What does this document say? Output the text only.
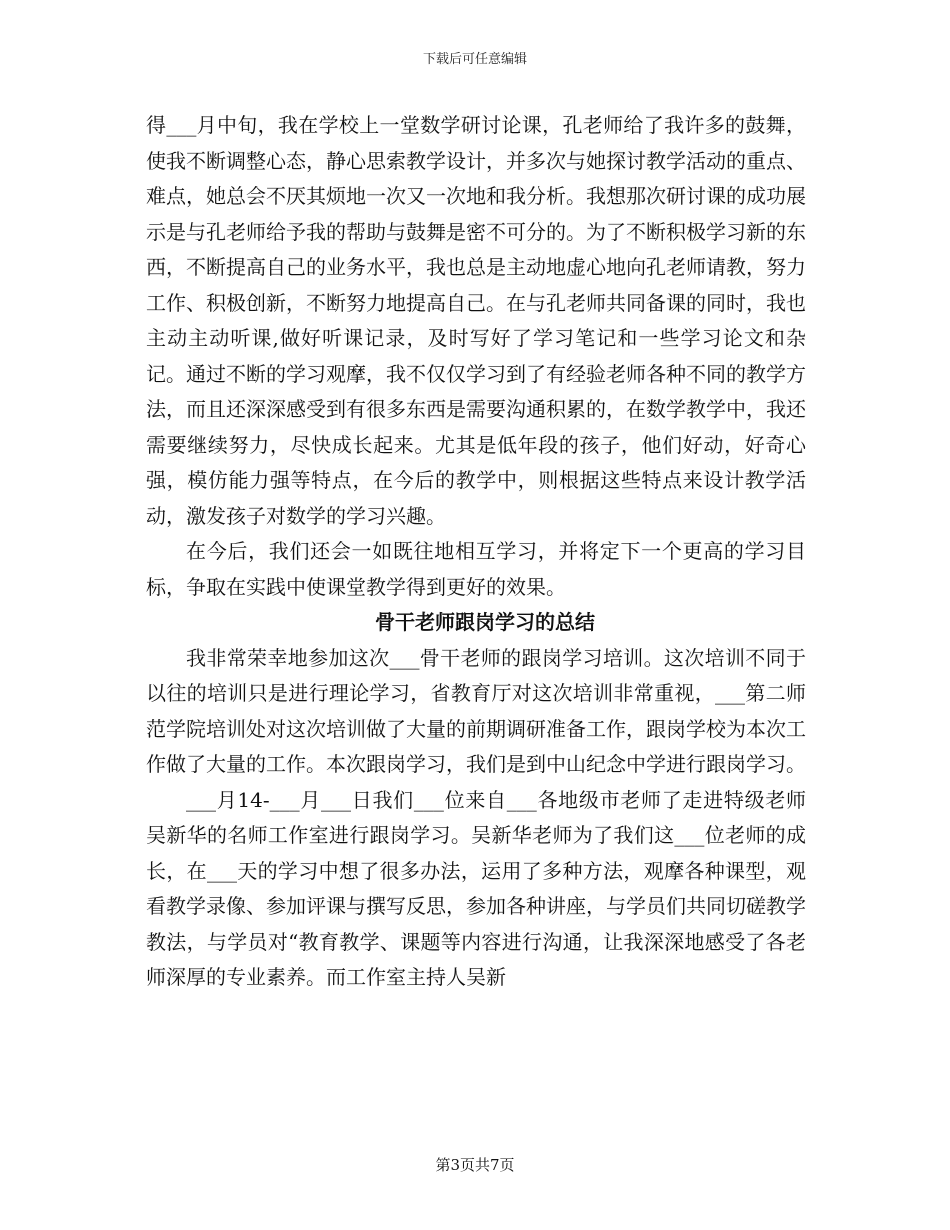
下载后可任意编辑

得___月中旬，我在学校上一堂数学研讨论课，孔老师给了我许多的鼓舞，使我不断调整心态，静心思索教学设计，并多次与她探讨教学活动的重点、难点，她总会不厌其烦地一次又一次地和我分析。我想那次研讨课的成功展示是与孔老师给予我的帮助与鼓舞是密不可分的。为了不断积极学习新的东西，不断提高自己的业务水平，我也总是主动地虚心地向孔老师请教，努力工作、积极创新，不断努力地提高自己。在与孔老师共同备课的同时，我也主动主动听课,做好听课记录，及时写好了学习笔记和一些学习论文和杂记。通过不断的学习观摩，我不仅仅学习到了有经验老师各种不同的教学方法，而且还深深感受到有很多东西是需要沟通积累的，在数学教学中，我还需要继续努力，尽快成长起来。尤其是低年段的孩子，他们好动，好奇心强，模仿能力强等特点，在今后的教学中，则根据这些特点来设计教学活动，激发孩子对数学的学习兴趣。

在今后，我们还会一如既往地相互学习，并将定下一个更高的学习目标，争取在实践中使课堂教学得到更好的效果。

骨干老师跟岗学习的总结

我非常荣幸地参加这次___骨干老师的跟岗学习培训。这次培训不同于以往的培训只是进行理论学习，省教育厅对这次培训非常重视，___第二师范学院培训处对这次培训做了大量的前期调研准备工作，跟岗学校为本次工作做了大量的工作。本次跟岗学习，我们是到中山纪念中学进行跟岗学习。

___月14-___月___日我们___位来自___各地级市老师了走进特级老师吴新华的名师工作室进行跟岗学习。吴新华老师为了我们这___位老师的成长，在___天的学习中想了很多办法，运用了多种方法，观摩各种课型，观看教学录像、参加评课与撰写反思，参加各种讲座，与学员们共同切磋教学教法，与学员对“教育教学、课题等内容进行沟通，让我深深地感受了各老师深厚的专业素养。而工作室主持人吴新

第3页共7页
